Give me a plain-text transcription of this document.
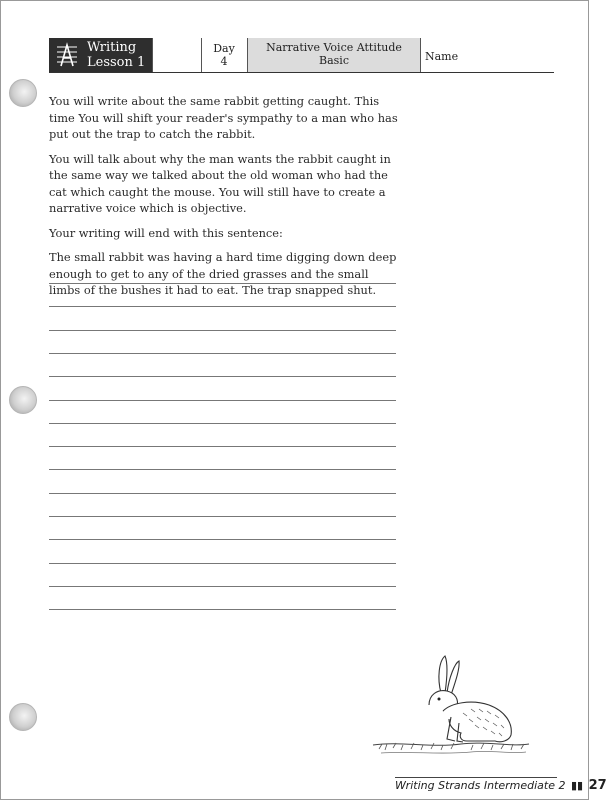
Writing
Lesson 1
Day
4
Narrative Voice Attitude
Basic	Name

You will write about the same rabbit getting caught. This time You will shift your reader's sympathy to a man who has put out the trap to catch the rabbit.

You will talk about why the man wants the rabbit caught in the same way we talked about the old woman who had the cat which caught the mouse. You will still have to create a narrative voice which is objective.

Your writing will end with this sentence:

The small rabbit was having a hard time digging down deep enough to get to any of the dried grasses and the small limbs of the bushes it had to eat. The trap snapped shut.

Writing Strands Intermediate 2 ▮▮ 27
